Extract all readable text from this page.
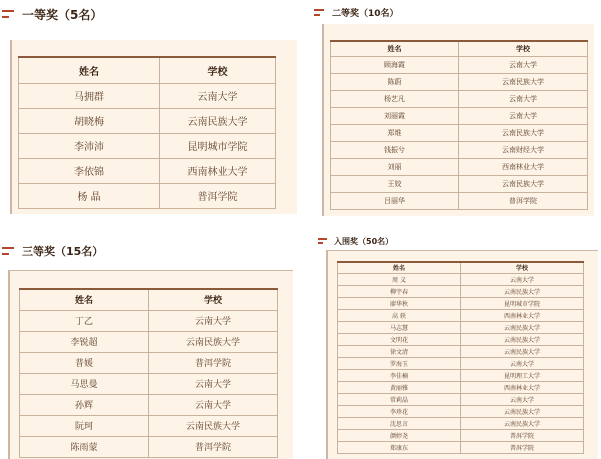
一等奖（5名）
姓名	学校
马拥群	云南大学
胡晓梅	云南民族大学
李沛沛	昆明城市学院
李依锦	西南林业大学
杨 晶	普洱学院
二等奖（10名）
姓名	学校
顾海霞	云南大学
陈蔚	云南民族大学
杨艺凡	云南大学
刘丽霞	云南大学
郑维	云南民族大学
钱振兮	云南财经大学
刘丽	西南林业大学
王姣	云南民族大学
吕丽华	普洱学院
三等奖（15名）
姓名	学校
丁乙	云南大学
李锐超	云南民族大学
普媛	普洱学院
马思曼	云南大学
孙辉	云南大学
阮珂	云南民族大学
陈雨蒙	普洱学院
入围奖（50名）
姓名	学校
周 义	云南大学
柳宇春	云南民族大学
廖华秋	昆明城市学院
高 轶	西南林业大学
马志慧	云南民族大学
文明花	云南民族大学
徐文清	云南民族大学
罗海玉	云南大学
李佳楠	昆明理工大学
黄丽雅	西南林业大学
常莉晶	云南大学
李珍花	云南民族大学
沈思言	云南民族大学
颜婷尧	普洱学院
郑康东	普洱学院
